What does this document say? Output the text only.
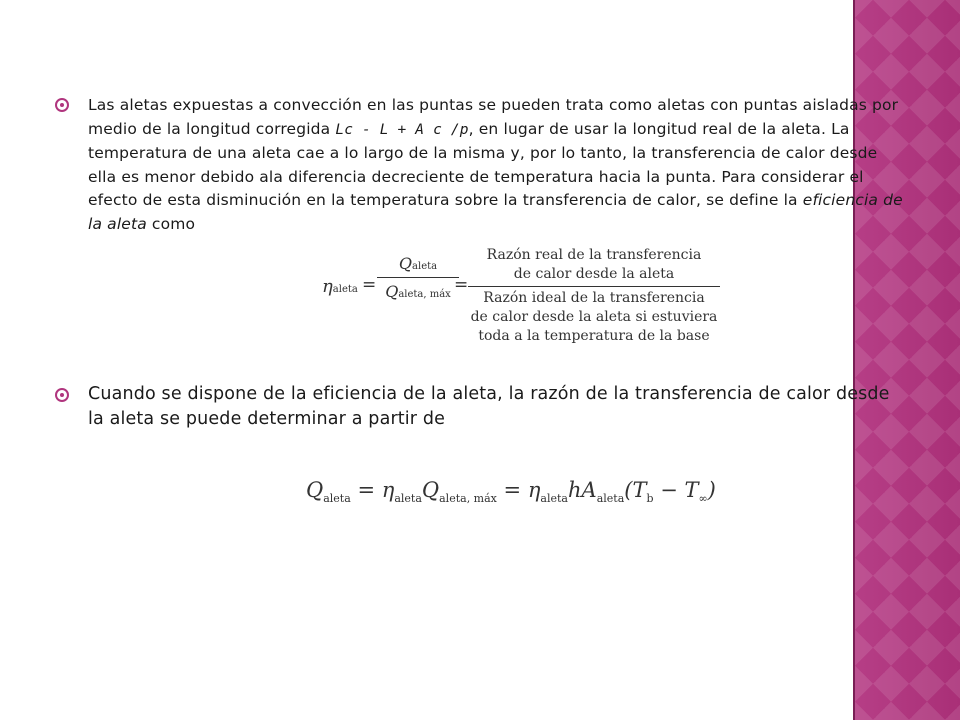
Las aletas expuestas a convección en las puntas se pueden trata como aletas con puntas aisladas por medio de la longitud corregida Lc - L + A c /p, en lugar de usar la longitud real de la aleta. La temperatura de una aleta cae a lo largo de la misma y, por lo tanto, la transferencia de calor desde ella es menor debido ala diferencia decreciente de temperatura hacia la punta. Para considerar el efecto de esta disminución en la temperatura sobre la transferencia de calor, se define la eficiencia de la aleta como

ηaleta =
Qaleta
Qaleta, máx =
Razón real de la transferencia
de calor desde la aleta
Razón ideal de la transferencia
de calor desde la aleta si estuviera
toda a la temperatura de la base

Cuando se dispone de la eficiencia de la aleta, la razón de la transferencia de calor desde la aleta se puede determinar a partir de

$Q_{aleta} = \eta_{aleta}Q_{aleta, máx} = \eta_{aleta}hA_{aleta}(T_b - T_\infty)$
